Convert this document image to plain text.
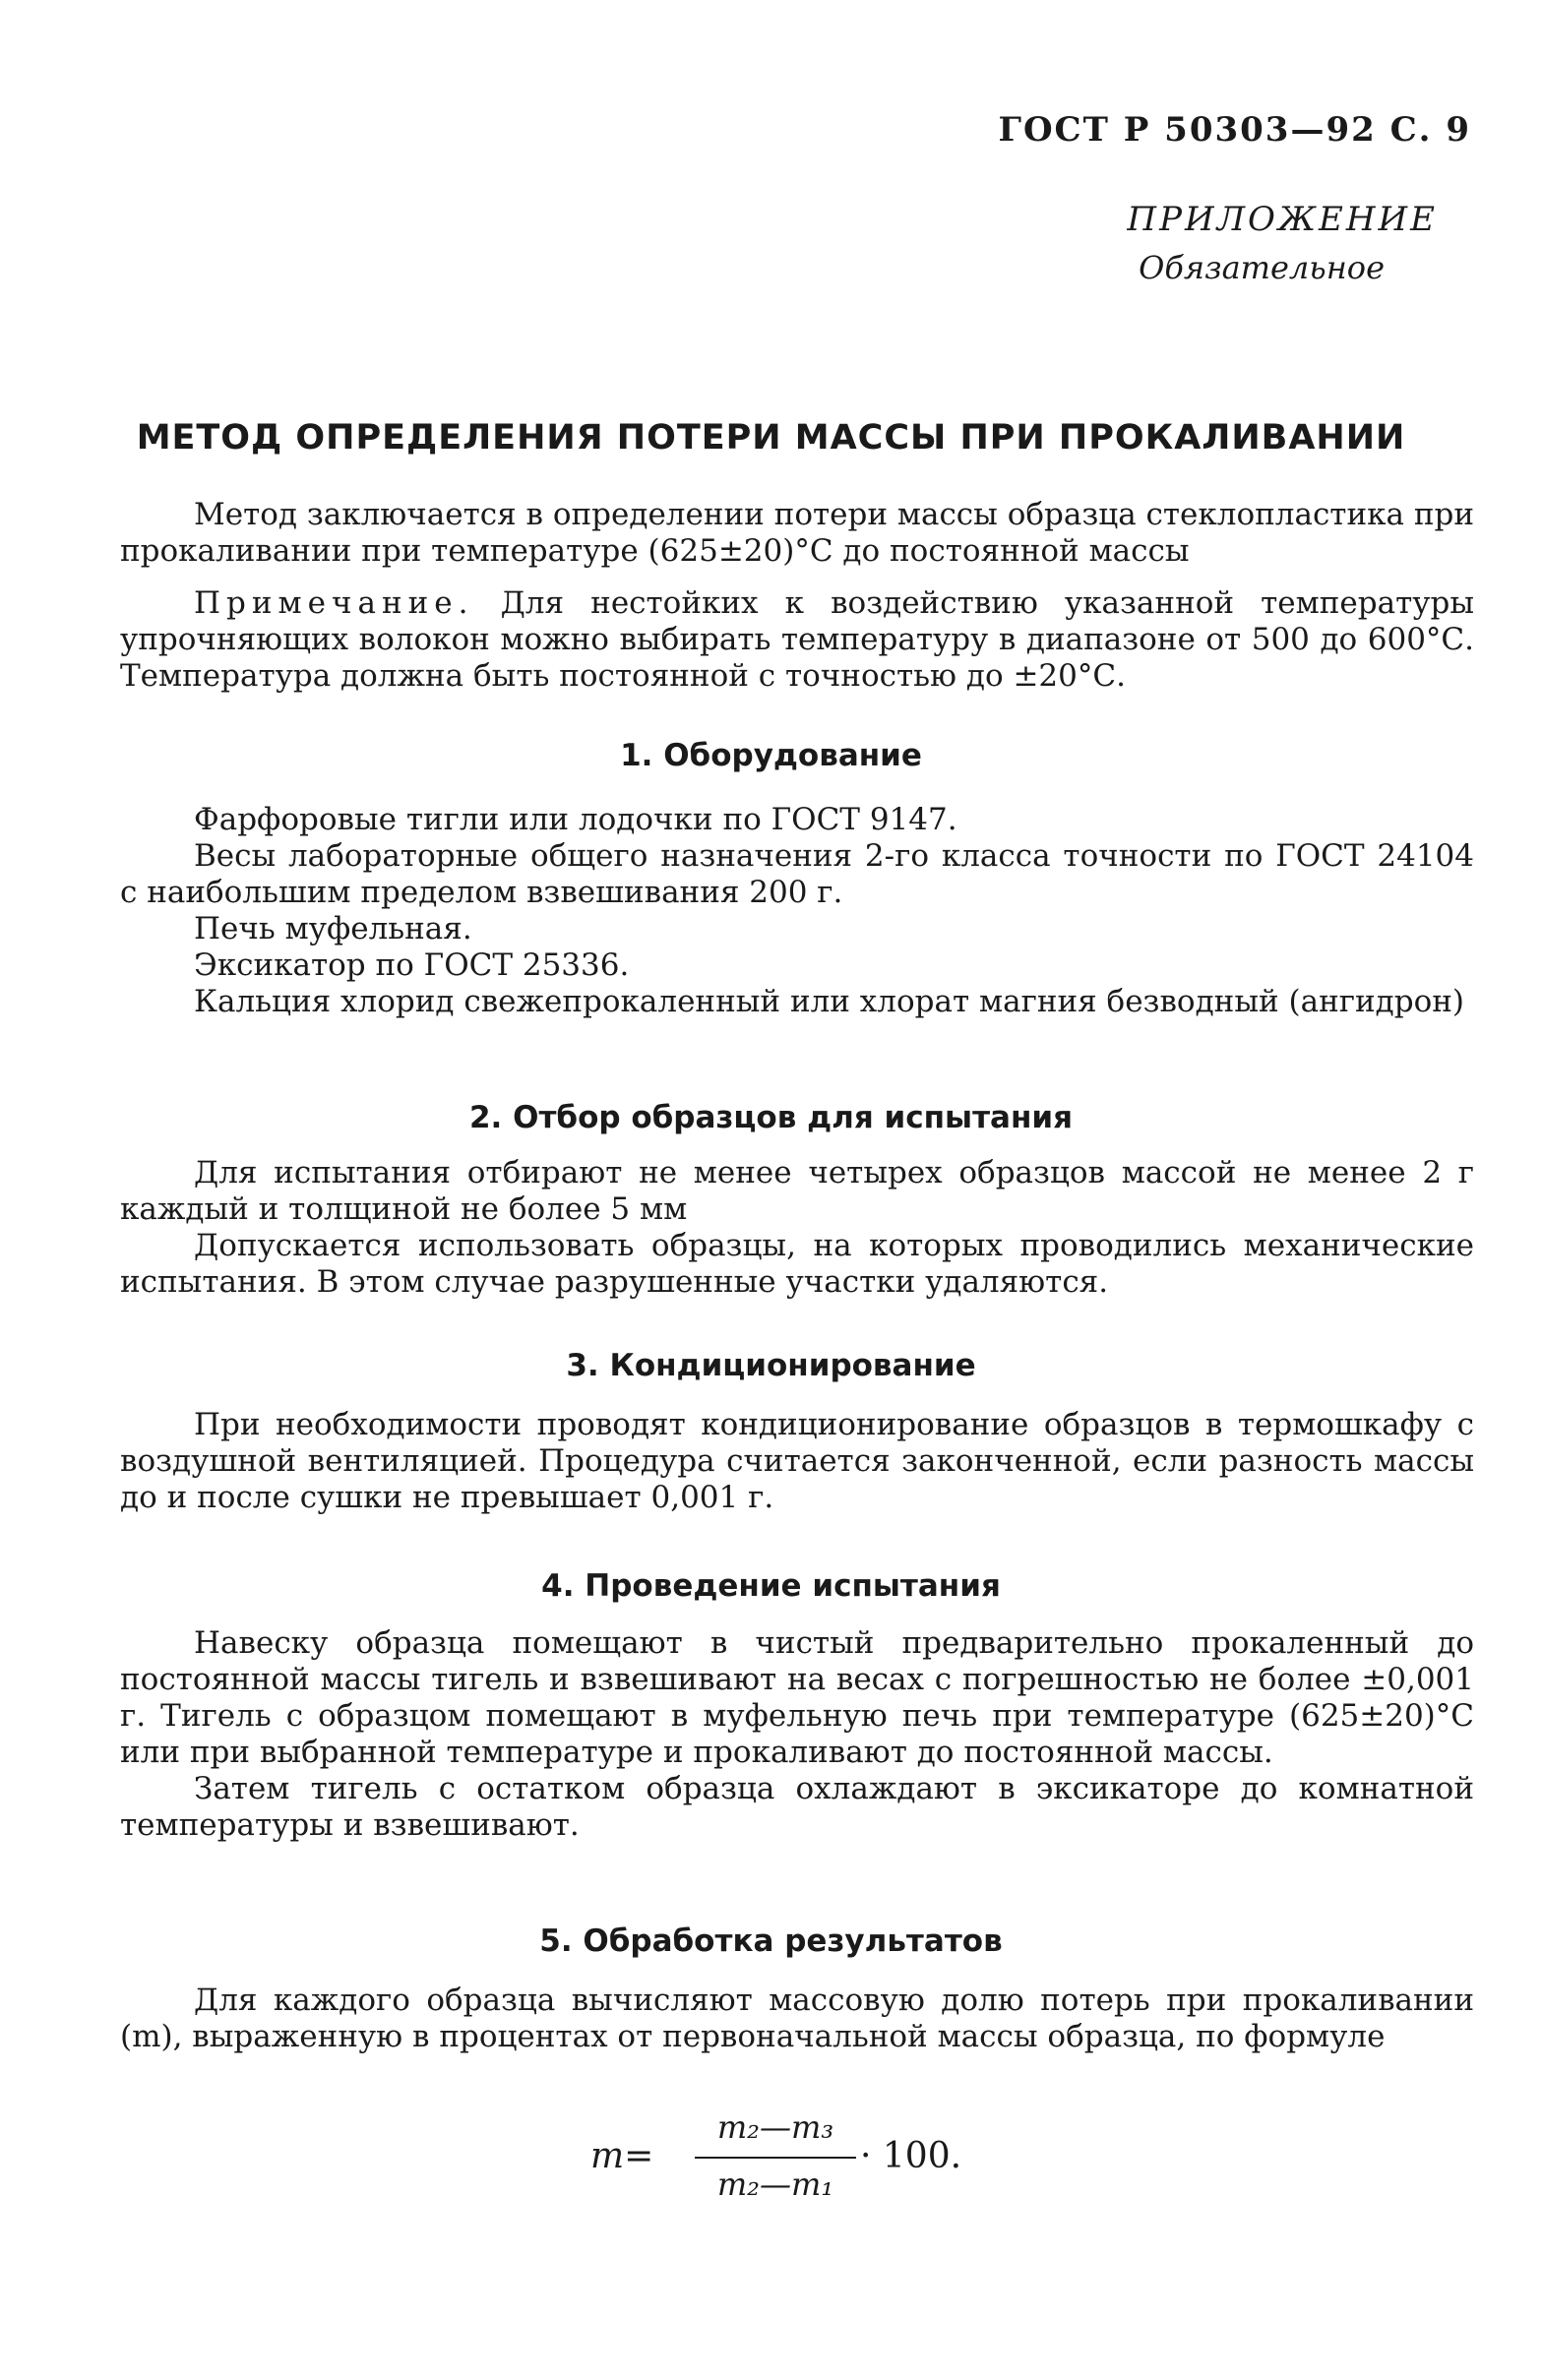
ГОСТ Р 50303—92 С. 9
ПРИЛОЖЕНИЕ
Обязательное
МЕТОД ОПРЕДЕЛЕНИЯ ПОТЕРИ МАССЫ ПРИ ПРОКАЛИВАНИИ

Метод заключается в определении потери массы образца стеклопластика при прокаливании при температуре (625±20)°С до постоянной массы

Примечание. Для нестойких к воздействию указанной температуры упрочняющих волокон можно выбирать температуру в диапазоне от 500 до 600°С. Температура должна быть постоянной с точностью до ±20°С.

1. Оборудование

Фарфоровые тигли или лодочки по ГОСТ 9147.

Весы лабораторные общего назначения 2-го класса точности по ГОСТ 24104 с наибольшим пределом взвешивания 200 г.

Печь муфельная.

Эксикатор по ГОСТ 25336.

Кальция хлорид свежепрокаленный или хлорат магния безводный (ангидрон)

2. Отбор образцов для испытания

Для испытания отбирают не менее четырех образцов массой не менее 2 г каждый и толщиной не более 5 мм

Допускается использовать образцы, на которых проводились механические испытания. В этом случае разрушенные участки удаляются.

3. Кондиционирование

При необходимости проводят кондиционирование образцов в термошкафу с воздушной вентиляцией. Процедура считается законченной, если разность массы до и после сушки не превышает 0,001 г.

4. Проведение испытания

Навеску образца помещают в чистый предварительно прокаленный до постоянной массы тигель и взвешивают на весах с погрешностью не более ±0,001 г. Тигель с образцом помещают в муфельную печь при температуре (625±20)°С или при выбранной температуре и прокаливают до постоянной массы.

Затем тигель с остатком образца охлаждают в эксикаторе до комнатной температуры и взвешивают.

5. Обработка результатов

Для каждого образца вычисляют массовую долю потерь при прокаливании (m), выраженную в процентах от первоначальной массы образца, по формуле

m=
m₂—m₃
m₂—m₁
· 100.
